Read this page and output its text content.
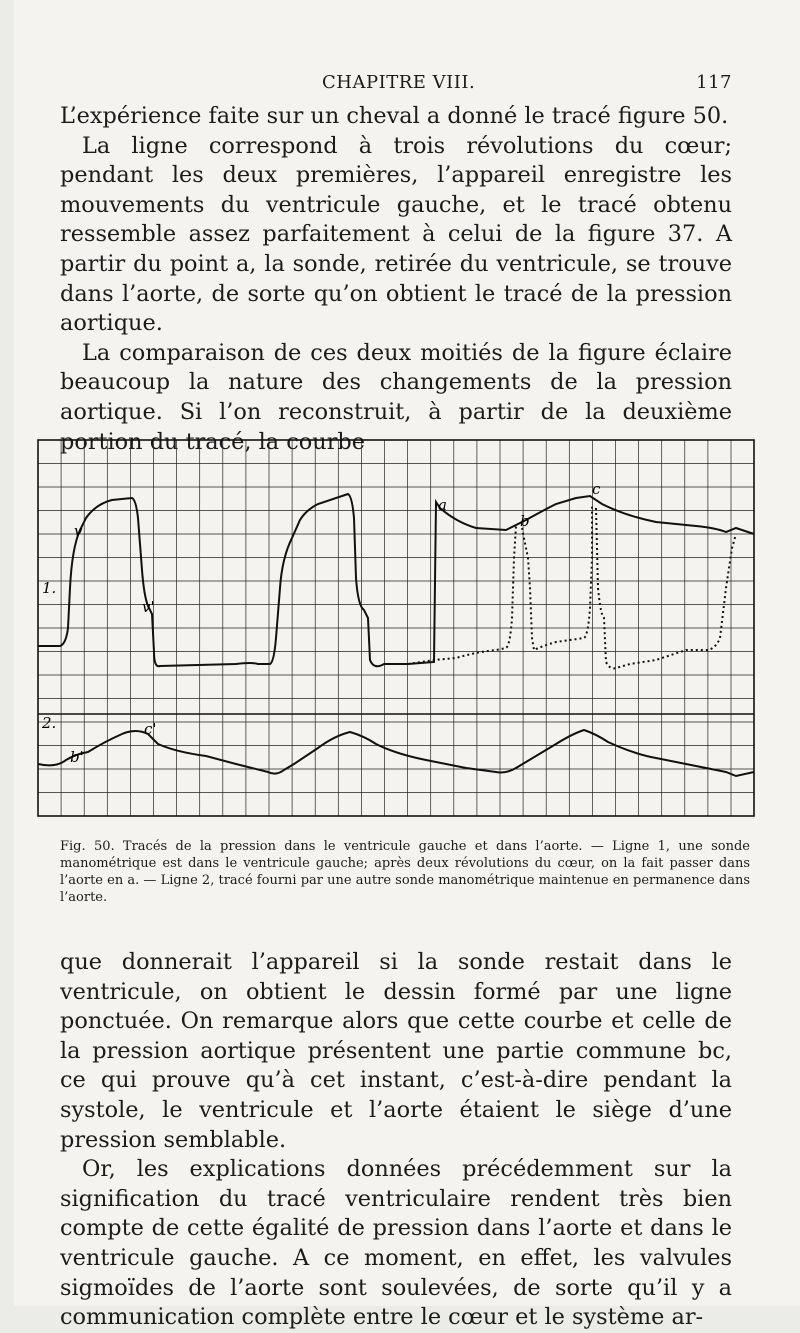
CHAPITRE VIII.	117

L’expérience faite sur un cheval a donné le tracé figure 50.

La ligne correspond à trois révolutions du cœur; pendant les deux premières, l’appareil enregistre les mouvements du ventricule gauche, et le tracé obtenu ressemble assez parfaitement à celui de la figure 37. A partir du point a, la sonde, retirée du ventricule, se trouve dans l’aorte, de sorte qu’on obtient le tracé de la pression aortique.

La comparaison de ces deux moitiés de la figure éclaire beaucoup la nature des changements de la pression aortique. Si l’on reconstruit, à partir de la deuxième portion du tracé, la courbe

1.
2.
v
v'
a
b
c
b'
c'
Fig. 50. Tracés de la pression dans le ventricule gauche et dans l’aorte. — Ligne 1, une sonde manométrique est dans le ventricule gauche; après deux révolutions du cœur, on la fait passer dans l’aorte en a. — Ligne 2, tracé fourni par une autre sonde manométrique maintenue en permanence dans l’aorte.

que donnerait l’appareil si la sonde restait dans le ventricule, on obtient le dessin formé par une ligne ponctuée. On remarque alors que cette courbe et celle de la pression aortique présentent une partie commune bc, ce qui prouve qu’à cet instant, c’est-à-dire pendant la systole, le ventricule et l’aorte étaient le siège d’une pression semblable.

Or, les explications données précédemment sur la signification du tracé ventriculaire rendent très bien compte de cette égalité de pression dans l’aorte et dans le ventricule gauche. A ce moment, en effet, les valvules sigmoïdes de l’aorte sont soulevées, de sorte qu’il y a communication complète entre le cœur et le système ar-
